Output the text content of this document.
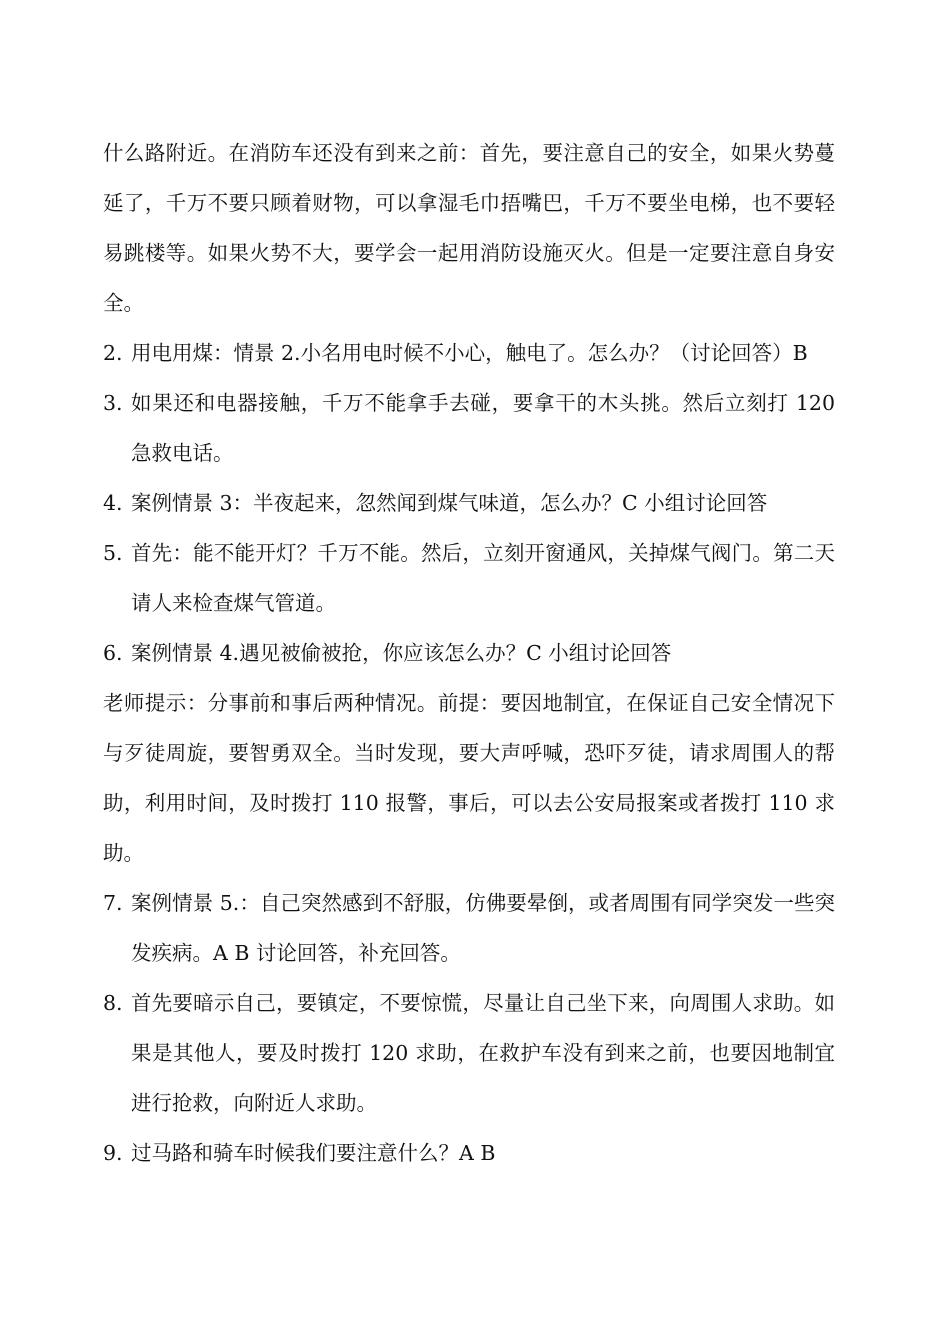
什么路附近。在消防车还没有到来之前：首先，要注意自己的安全，如果火势蔓延了，千万不要只顾着财物，可以拿湿毛巾捂嘴巴，千万不要坐电梯，也不要轻易跳楼等。如果火势不大，要学会一起用消防设施灭火。但是一定要注意自身安全。

2. 用电用煤：情景 2.小名用电时候不小心，触电了。怎么办？（讨论回答）B
3. 如果还和电器接触，千万不能拿手去碰，要拿干的木头挑。然后立刻打 120 急救电话。
4. 案例情景 3：半夜起来，忽然闻到煤气味道，怎么办？C 小组讨论回答
5. 首先：能不能开灯？千万不能。然后，立刻开窗通风，关掉煤气阀门。第二天请人来检查煤气管道。
6. 案例情景 4.遇见被偷被抢，你应该怎么办？C 小组讨论回答

老师提示：分事前和事后两种情况。前提：要因地制宜，在保证自己安全情况下与歹徒周旋，要智勇双全。当时发现，要大声呼喊，恐吓歹徒，请求周围人的帮助，利用时间，及时拨打 110 报警，事后，可以去公安局报案或者拨打 110 求助。

7. 案例情景 5.：自己突然感到不舒服，仿佛要晕倒，或者周围有同学突发一些突发疾病。A B 讨论回答，补充回答。
8. 首先要暗示自己，要镇定，不要惊慌，尽量让自己坐下来，向周围人求助。如果是其他人，要及时拨打 120 求助，在救护车没有到来之前，也要因地制宜进行抢救，向附近人求助。
9. 过马路和骑车时候我们要注意什么？A B
